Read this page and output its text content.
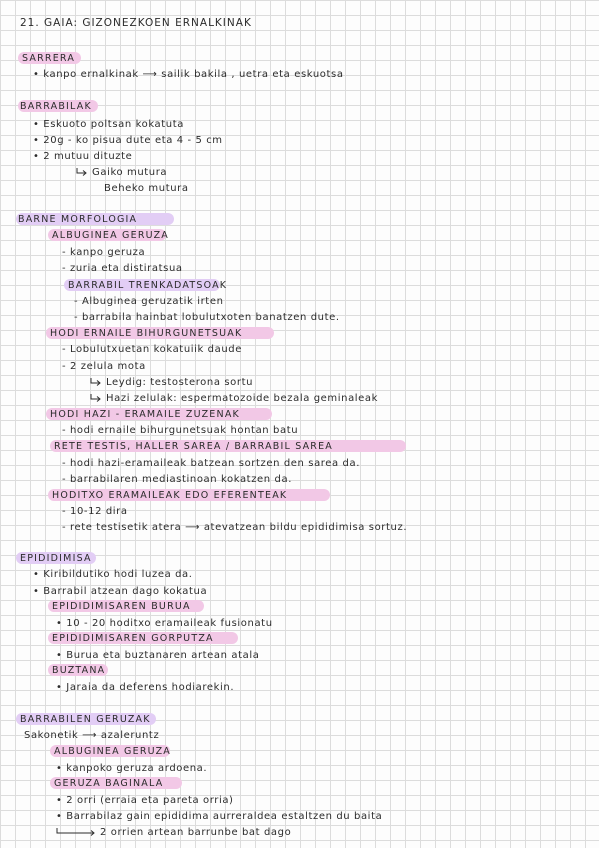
21. GAIA: GIZONEZKOEN ERNALKINAK
SARRERA
• kanpo ernalkinak ⟶ sailik bakila , uetra eta eskuotsa
BARRABILAK
• Eskuoto poltsan kokatuta
• 20g - ko pisua dute eta 4 - 5 cm
• 2 mutuu dituzte
Gaiko mutura
Beheko mutura
BARNE MORFOLOGIA
ALBUGINEA GERUZA
- kanpo geruza
- zuria eta distiratsua
BARRABIL TRENKADATSOAK
- Albuginea geruzatik irten
- barrabila hainbat lobulutxoten banatzen dute.
HODI ERNAILE BIHURGUNETSUAK
- Lobulutxuetan kokatuiik daude
- 2 zelula mota
Leydig: testosterona sortu
Hazi zelulak: espermatozoide bezala geminaleak
HODI HAZI - ERAMAILE ZUZENAK
- hodi ernaile bihurgunetsuak hontan batu
RETE TESTIS, HALLER SAREA / BARRABIL SAREA
- hodi hazi-eramaileak batzean sortzen den sarea da.
- barrabilaren mediastinoan kokatzen da.
HODITXO ERAMAILEAK EDO EFERENTEAK
- 10-12 dira
- rete testisetik atera ⟶ atevatzean bildu epididimisa sortuz.
EPIDIDIMISA
• Kiribildutiko hodi luzea da.
• Barrabil atzean dago kokatua
EPIDIDIMISAREN BURUA
• 10 - 20 hoditxo eramaileak fusionatu
EPIDIDIMISAREN GORPUTZA
• Burua eta buztanaren artean atala
BUZTANA
• Jaraia da deferens hodiarekin.
BARRABILEN GERUZAK
Sakonetik ⟶ azaleruntz
ALBUGINEA GERUZA
• kanpoko geruza ardoena.
GERUZA BAGINALA
• 2 orri (erraia eta pareta orria)
• Barrabilaz gain epididima aurreraldea estaltzen du baita
2 orrien artean barrunbe bat dago
